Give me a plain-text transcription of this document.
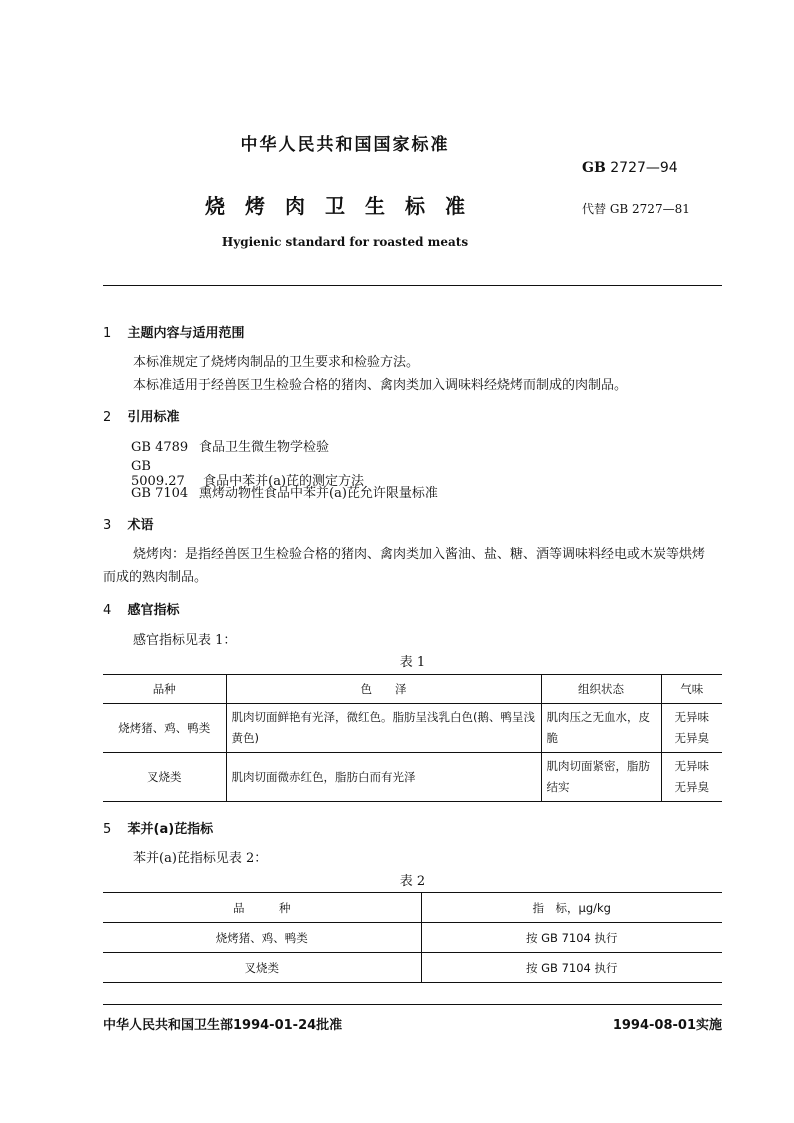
中华人民共和国国家标准
GB 2727—94
烧烤肉卫生标准	代替 GB 2727—81
Hygienic standard for roasted meats
1 主题内容与适用范围
本标准规定了烧烤肉制品的卫生要求和检验方法。
本标准适用于经兽医卫生检验合格的猪肉、禽肉类加入调味料经烧烤而制成的肉制品。
2 引用标准
GB 4789 食品卫生微生物学检验
GB 5009.27 食品中苯并(a)芘的测定方法
GB 7104 熏烤动物性食品中苯并(a)芘允许限量标准
3 术语
烧烤肉：是指经兽医卫生检验合格的猪肉、禽肉类加入酱油、盐、糖、酒等调味料经电或木炭等烘烤
而成的熟肉制品。
4 感官指标
感官指标见表 1：
表 1
品种	色　　泽	组织状态	气味
烧烤猪、鸡、鸭类	肌肉切面鲜艳有光泽，微红色。脂肪呈浅乳白色(鹅、鸭呈浅黄色)	肌肉压之无血水，皮脆	无异味
无异臭

叉烧类	肌肉切面微赤红色，脂肪白而有光泽	肌肉切面紧密，脂肪结实	无异味
无异臭
5 苯并(a)芘指标
苯并(a)芘指标见表 2：
表 2
品　　　种	指　标，μg/kg
烧烤猪、鸡、鸭类	按 GB 7104 执行
叉烧类	按 GB 7104 执行
中华人民共和国卫生部1994-01-24批准	1994-08-01实施
